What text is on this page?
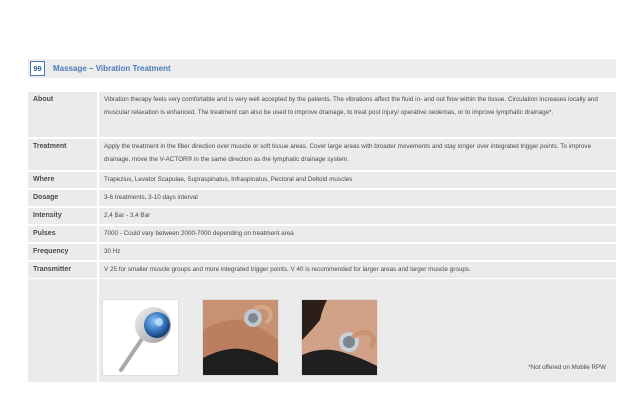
99	Massage – Vibration Treatment
About	Vibration therapy feels very comfortable and is very well accepted by the patients. The vibrations affect the fluid in- and out flow within the tissue. Circulation increases locally and muscular relaxation is enhanced. The treatment can also be used to improve drainage, to treat post injury/ operative oedemas, or to improve lymphatic drainage*.
Treatment	Apply the treatment in the fiber direction over muscle or soft tissue areas. Cover large areas with broader movements and stay longer over integrated trigger points. To improve drainage, move the V-ACTOR® in the same direction as the lymphatic drainage system.
Where	Trapezius, Levator Scapulae, Supraspinatus, Infraspinatus, Pectoral and Deltoid muscles
Dosage	3-6 treatments, 3-10 days interval
Intensity	2,4 Bar - 3,4 Bar
Pulses	7000 - Could vary between 2000-7000 depending on treatment area
Frequency	30 Hz
Transmitter	V 25 for smaller muscle groups and more integrated trigger points. V 40 is recommended for larger areas and larger muscle groups.
*Not offered on Mobile RPW
